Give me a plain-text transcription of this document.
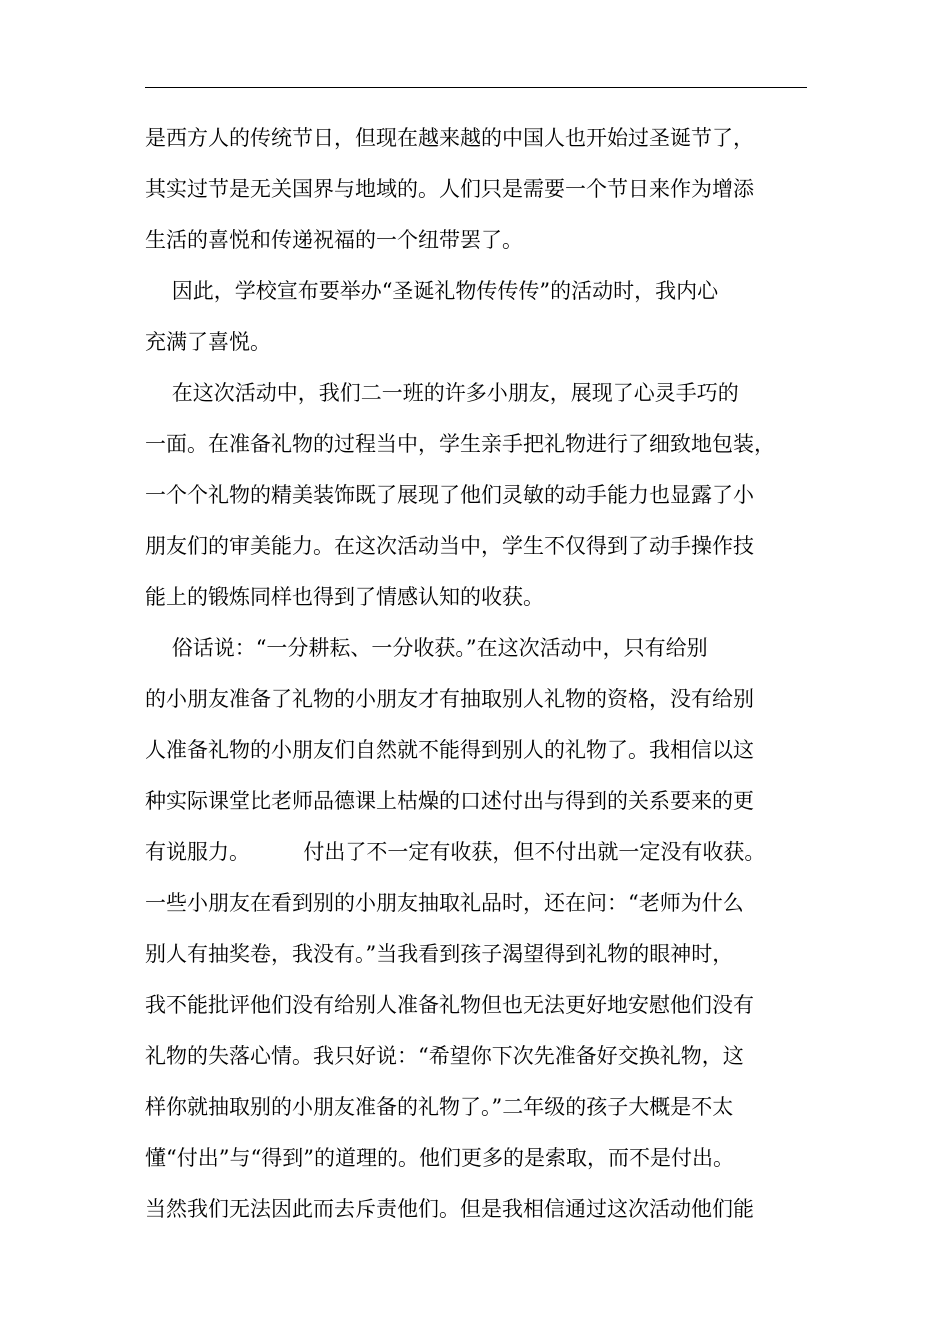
是西方人的传统节日，但现在越来越的中国人也开始过圣诞节了，
其实过节是无关国界与地域的。人们只是需要一个节日来作为增添
生活的喜悦和传递祝福的一个纽带罢了。
因此，学校宣布要举办“圣诞礼物传传传”的活动时，我内心
充满了喜悦。
在这次活动中，我们二一班的许多小朋友，展现了心灵手巧的
一面。在准备礼物的过程当中，学生亲手把礼物进行了细致地包装，
一个个礼物的精美装饰既了展现了他们灵敏的动手能力也显露了小
朋友们的审美能力。在这次活动当中，学生不仅得到了动手操作技
能上的锻炼同样也得到了情感认知的收获。
俗话说：“一分耕耘、一分收获。”在这次活动中，只有给别
的小朋友准备了礼物的小朋友才有抽取别人礼物的资格，没有给别
人准备礼物的小朋友们自然就不能得到别人的礼物了。我相信以这
种实际课堂比老师品德课上枯燥的口述付出与得到的关系要来的更
有说服力。        付出了不一定有收获，但不付出就一定没有收获。
一些小朋友在看到别的小朋友抽取礼品时，还在问：“老师为什么
别人有抽奖卷，我没有。”当我看到孩子渴望得到礼物的眼神时，
我不能批评他们没有给别人准备礼物但也无法更好地安慰他们没有
礼物的失落心情。我只好说：“希望你下次先准备好交换礼物，这
样你就抽取别的小朋友准备的礼物了。”二年级的孩子大概是不太
懂“付出”与“得到”的道理的。他们更多的是索取，而不是付出。
当然我们无法因此而去斥责他们。但是我相信通过这次活动他们能
